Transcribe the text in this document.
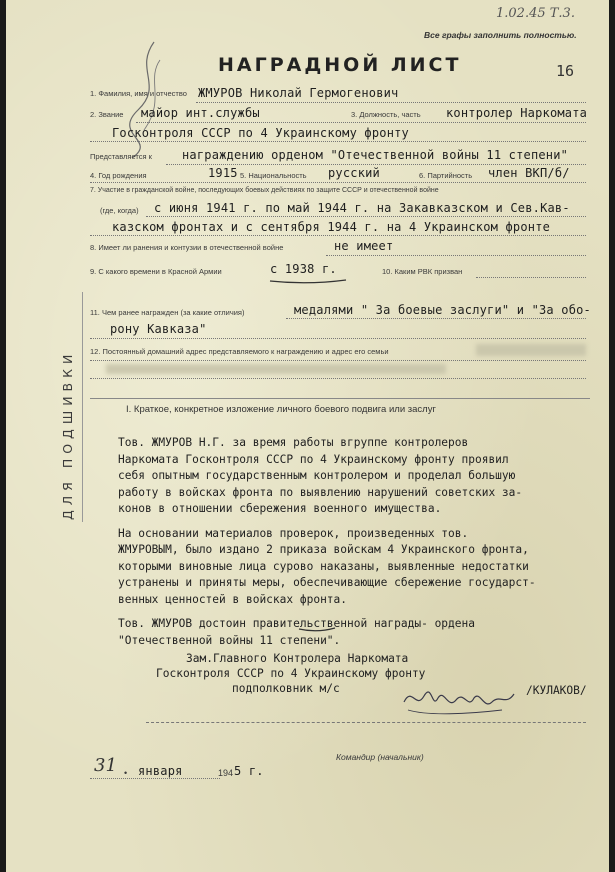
1.02.45 Т.3.
Все графы заполнить полностью.
НАГРАДНОЙ ЛИСТ	16
1. Фамилия, имя и отчество ЖМУРОВ Николай Гермогенович
2. Звание майор инт.службы	3. Должность, часть контролер Наркомата
Госконтроля СССР по 4 Украинскому фронту
Представляется к	награждению орденом "Отечественной войны 11 степени"
4. Год рождения	1915 5. Национальность русский	6. Партийность член ВКП/б/
7. Участие в гражданской войне, последующих боевых действиях по защите СССР и отечественной войне
(где, когда) с июня 1941 г. по май 1944 г. на Закавказском и Сев.Кав-
казском фронтах и с сентября 1944 г. на 4 Украинском фронте
8. Имеет ли ранения и контузии в отечественной войне	не имеет
9. С какого времени в Красной Армии	с 1938 г.	10. Каким РВК призван
ДЛЯ ПОДШИВКИ
11. Чем ранее награжден (за какие отличия)	медалями " За боевые заслуги" и "За обо-
рону Кавказа"
12. Постоянный домашний адрес представляемого к награждению и адрес его семьи
I. Краткое, конкретное изложение личного боевого подвига или заслуг
Тов. ЖМУРОВ Н.Г. за время работы вгруппе контролеров
Наркомата Госконтроля СССР по 4 Украинскому фронту проявил
себя опытным государственным контролером и проделал большую
работу в войсках фронта по выявлению нарушений советских за-
конов в отношении сбережения военного имущества.
На основании материалов проверок, произведенных тов.
ЖМУРОВЫМ, было издано 2 приказа войскам 4 Украинского фронта,
которыми виновные лица сурово наказаны, выявленные недостатки
устранены и приняты меры, обеспечивающие сбережение государст-
венных ценностей в войсках фронта.
Тов. ЖМУРОВ достоин правительственной награды- ордена
"Отечественной войны 11 степени".
Зам.Главного Контролера Наркомата
Госконтроля СССР по 4 Украинскому фронту
подполковник м/с	/КУЛАКОВ/
31 • января	194 5 г.
Командир (начальник)
